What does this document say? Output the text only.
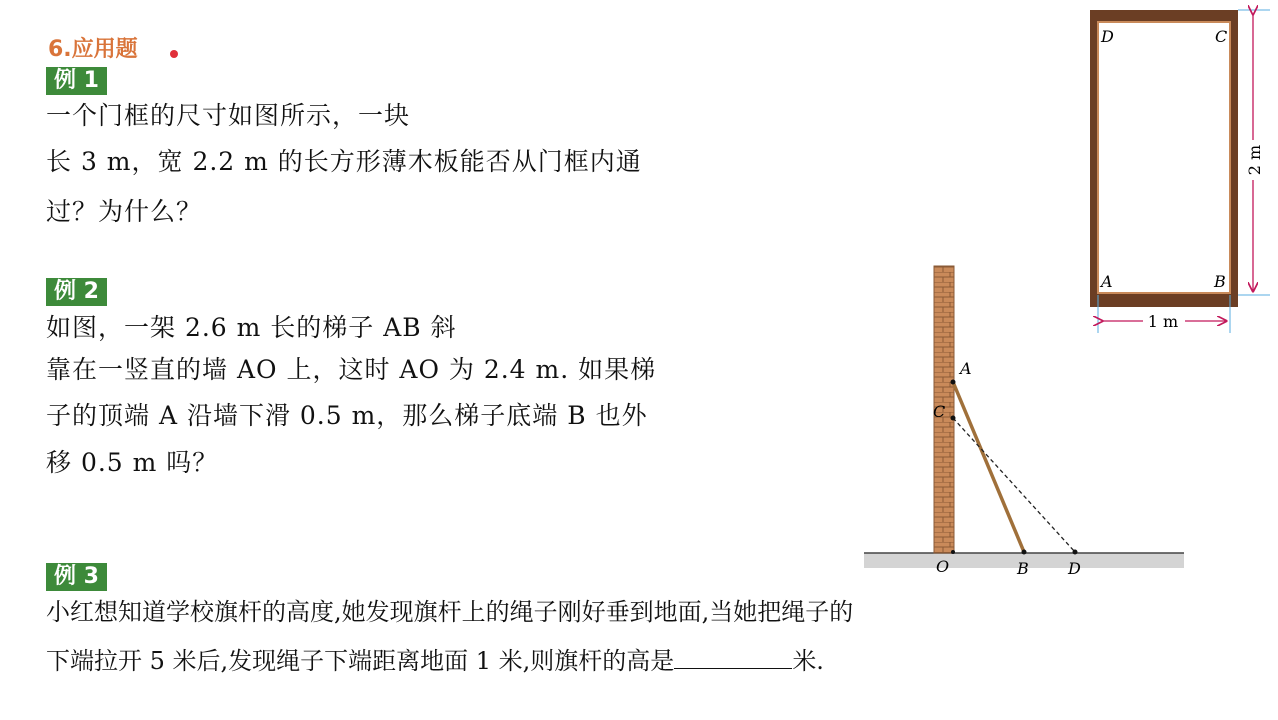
6.应用题
例 1
一个门框的尺寸如图所示，一块
长 3 m，宽 2.2 m 的长方形薄木板能否从门框内通
过？为什么？
例 2
如图，一架 2.6 m 长的梯子 AB 斜
靠在一竖直的墙 AO 上，这时 AO 为 2.4 m. 如果梯
子的顶端 A 沿墙下滑 0.5 m，那么梯子底端 B 也外
移 0.5 m 吗？
例 3
小红想知道学校旗杆的高度,她发现旗杆上的绳子刚好垂到地面,当她把绳子的
下端拉开 5 米后,发现绳子下端距离地面 1 米,则旗杆的高是	米.
1 m
2 m
D	C
A	B
A
C
O	B D
